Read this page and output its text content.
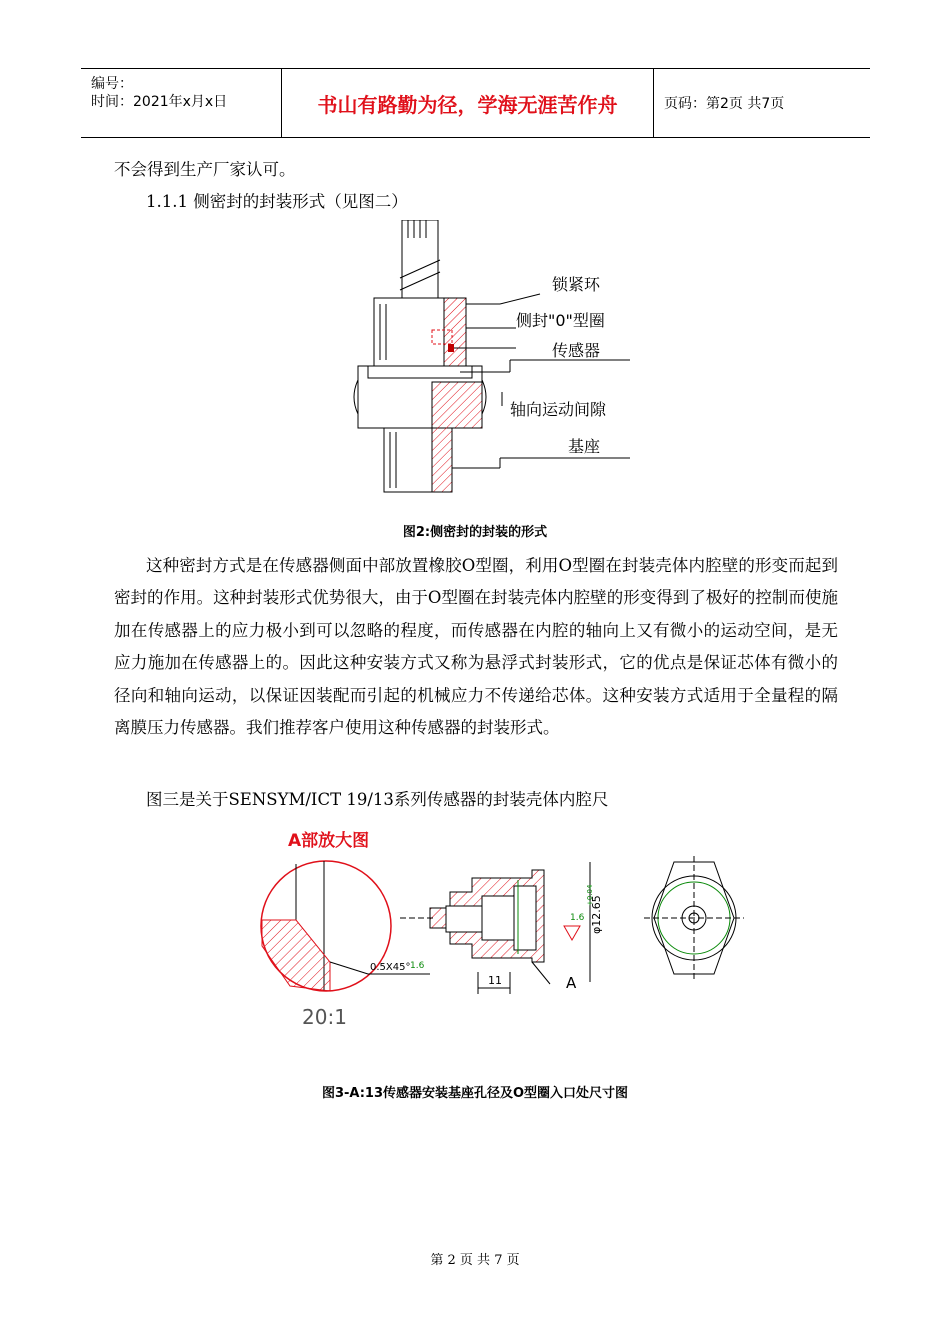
编号：
时间：2021年x月x日	书山有路勤为径，学海无涯苦作舟	页码：第2页 共7页
不会得到生产厂家认可。
1.1.1 侧密封的封装形式（见图二）
锁紧环
侧封"0"型圈
传感器
轴向运动间隙
基座
图2:侧密封的封装的形式
这种密封方式是在传感器侧面中部放置橡胶O型圈，利用O型圈在封装壳体内腔壁的形变而起到密封的作用。这种封装形式优势很大，由于O型圈在封装壳体内腔壁的形变得到了极好的控制而使施加在传感器上的应力极小到可以忽略的程度，而传感器在内腔的轴向上又有微小的运动空间，是无应力施加在传感器上的。因此这种安装方式又称为悬浮式封装形式，它的优点是保证芯体有微小的径向和轴向运动，以保证因装配而引起的机械应力不传递给芯体。这种安装方式适用于全量程的隔离膜压力传感器。我们推荐客户使用这种传感器的封装形式。
图三是关于SENSYM/ICT 19/13系列传感器的封装壳体内腔尺
A部放大图
0.5X45° 1.6
20:1
φ12.65
+0.04
1.6
11	A
图3-A:13传感器安装基座孔径及O型圈入口处尺寸图
第 2 页 共 7 页
